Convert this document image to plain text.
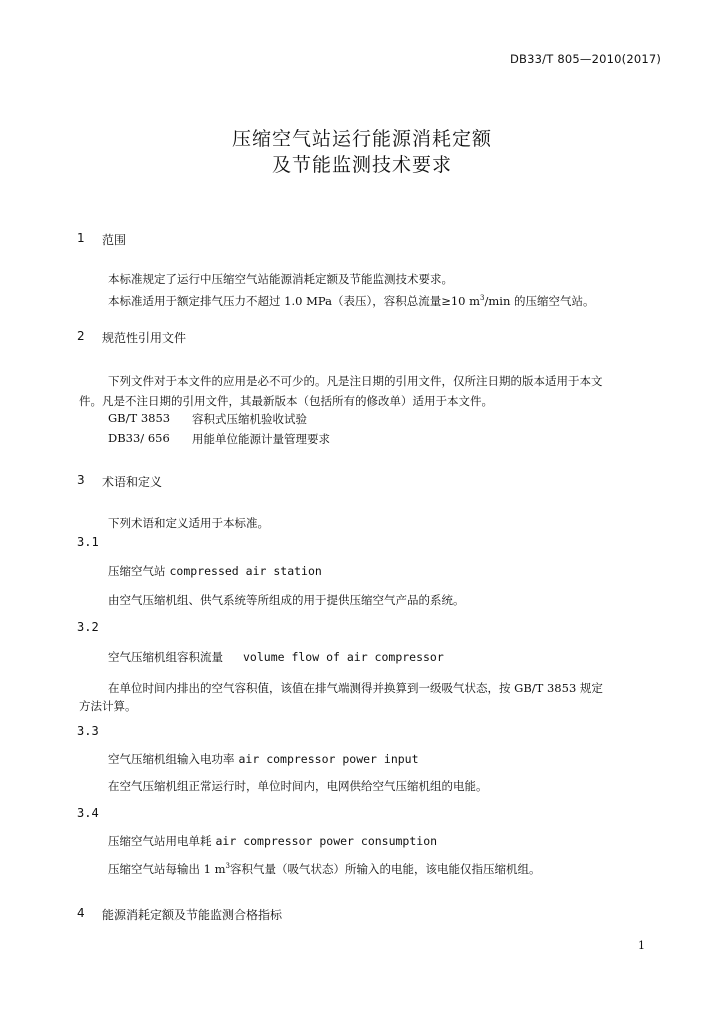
DB33/T 805—2010(2017)
压缩空气站运行能源消耗定额
及节能监测技术要求
1 范围
本标准规定了运行中压缩空气站能源消耗定额及节能监测技术要求。
本标准适用于额定排气压力不超过 1.0 MPa（表压），容积总流量≥10 $m^3/\min$ 的压缩空气站。
2 规范性引用文件
下列文件对于本文件的应用是必不可少的。凡是注日期的引用文件，仅所注日期的版本适用于本文
件。凡是不注日期的引用文件，其最新版本（包括所有的修改单）适用于本文件。
GB/T 3853 容积式压缩机验收试验
DB33/ 656 用能单位能源计量管理要求
3 术语和定义
下列术语和定义适用于本标准。
3.1
压缩空气站 compressed air station
由空气压缩机组、供气系统等所组成的用于提供压缩空气产品的系统。
3.2
空气压缩机组容积流量 volume flow of air compressor
在单位时间内排出的空气容积值，该值在排气端测得并换算到一级吸气状态，按 GB/T 3853 规定
方法计算。
3.3
空气压缩机组输入电功率 air compressor power input
在空气压缩机组正常运行时，单位时间内，电网供给空气压缩机组的电能。
3.4
压缩空气站用电单耗 air compressor power consumption
压缩空气站每输出 1 $m^3$容积气量（吸气状态）所输入的电能，该电能仅指压缩机组。
4 能源消耗定额及节能监测合格指标
1
